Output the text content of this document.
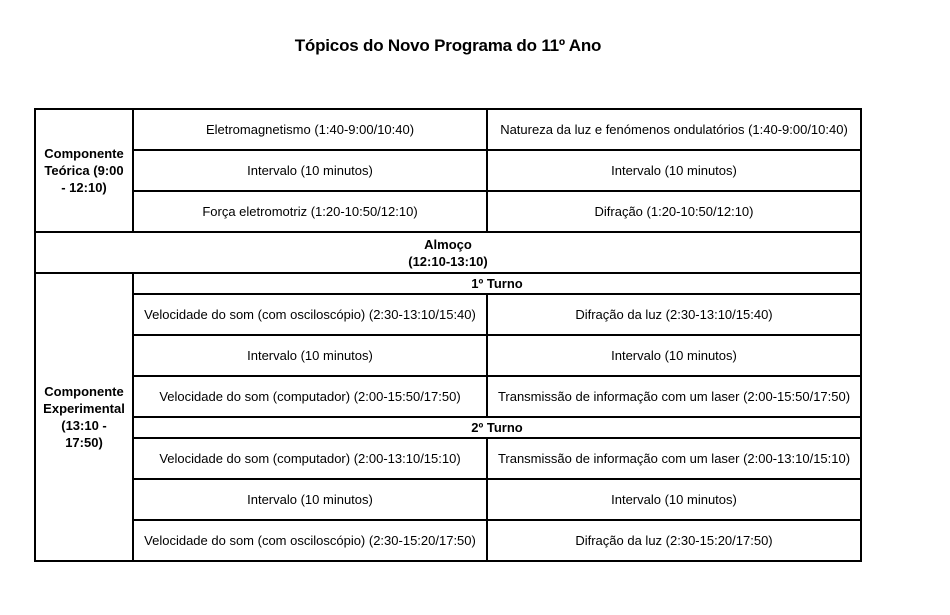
Tópicos do Novo Programa do 11º Ano
Componente Teórica (9:00 - 12:10)	Eletromagnetismo (1:40-9:00/10:40)	Natureza da luz e fenómenos ondulatórios (1:40-9:00/10:40)
	Intervalo (10 minutos)	Intervalo (10 minutos)
	Força eletromotriz (1:20-10:50/12:10)	Difração (1:20-10:50/12:10)

Almoço
(12:10-13:10)		

Componente Experimental (13:10 - 17:50)	1º Turno	
	Velocidade do som (com osciloscópio) (2:30-13:10/15:40)	Difração da luz (2:30-13:10/15:40)
	Intervalo (10 minutos)	Intervalo (10 minutos)
	Velocidade do som (computador) (2:00-15:50/17:50)	Transmissão de informação com um laser (2:00-15:50/17:50)
	2º Turno	
	Velocidade do som (computador) (2:00-13:10/15:10)	Transmissão de informação com um laser (2:00-13:10/15:10)
	Intervalo (10 minutos)	Intervalo (10 minutos)
	Velocidade do som (com osciloscópio) (2:30-15:20/17:50)	Difração da luz (2:30-15:20/17:50)
